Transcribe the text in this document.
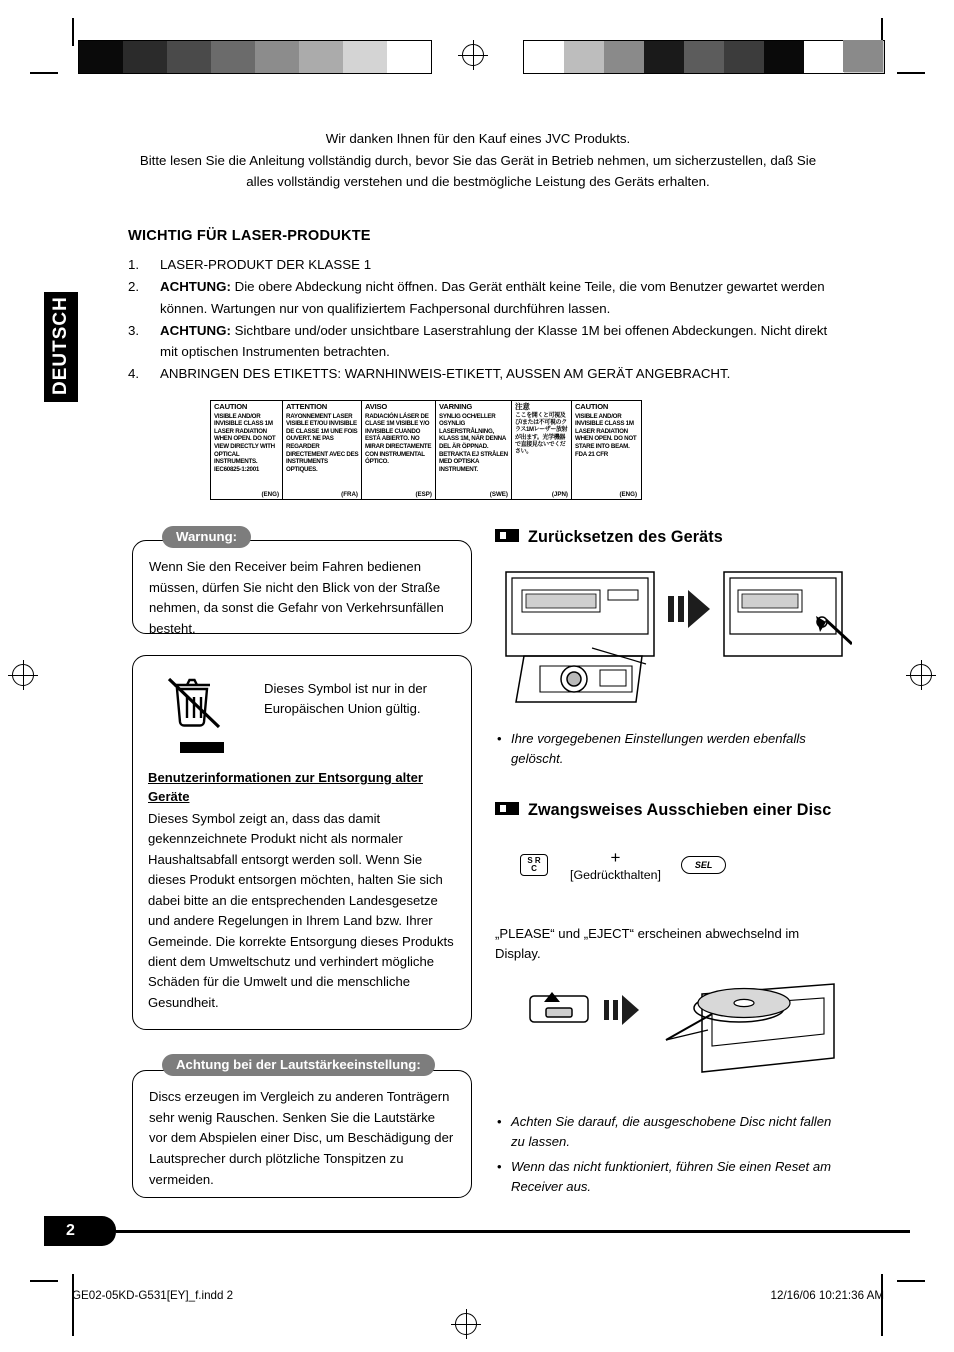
DEUTSCH
Wir danken Ihnen für den Kauf eines JVC Produkts.
Bitte lesen Sie die Anleitung vollständig durch, bevor Sie das Gerät in Betrieb nehmen, um sicherzustellen, daß Sie
alles vollständig verstehen und die bestmögliche Leistung des Geräts erhalten.
WICHTIG FÜR LASER-PRODUKTE
1. LASER-PRODUKT DER KLASSE 1
2. ACHTUNG: Die obere Abdeckung nicht öffnen. Das Gerät enthält keine Teile, die vom Benutzer gewartet werden können. Wartungen nur von qualifiziertem Fachpersonal durchführen lassen.
3. ACHTUNG: Sichtbare und/oder unsichtbare Laserstrahlung der Klasse 1M bei offenen Abdeckungen. Nicht direkt mit optischen Instrumenten betrachten.
4. ANBRINGEN DES ETIKETTS: WARNHINWEIS-ETIKETT, AUSSEN AM GERÄT ANGEBRACHT.
CAUTION
VISIBLE AND/OR INVISIBLE CLASS 1M LASER RADIATION WHEN OPEN. DO NOT VIEW DIRECTLY WITH OPTICAL INSTRUMENTS. IEC60825-1:2001
(ENG)
ATTENTION
RAYONNEMENT LASER VISIBLE ET/OU INVISIBLE DE CLASSE 1M UNE FOIS OUVERT. NE PAS REGARDER DIRECTEMENT AVEC DES INSTRUMENTS OPTIQUES.
(FRA)
AVISO
RADIACIÓN LÁSER DE CLASE 1M VISIBLE Y/O INVISIBLE CUANDO ESTÁ ABIERTO. NO MIRAR DIRECTAMENTE CON INSTRUMENTAL ÓPTICO.
(ESP)
VARNING
SYNLIG OCH/ELLER OSYNLIG LASERSTRÅLNING, KLASS 1M, NÄR DENNA DEL ÄR ÖPPNAD. BETRAKTA EJ STRÅLEN MED OPTISKA INSTRUMENT.
(SWE)
注意
ここを開くと可視及び/または不可視のクラス1Mレーザー放射が出ます。光学機器で直接見ないでください。
(JPN)
CAUTION
VISIBLE AND/OR INVISIBLE CLASS 1M LASER RADIATION WHEN OPEN. DO NOT STARE INTO BEAM. FDA 21 CFR
(ENG)
Warnung:
Wenn Sie den Receiver beim Fahren bedienen müssen, dürfen Sie nicht den Blick von der Straße nehmen, da sonst die Gefahr von Verkehrsunfällen besteht.
Dieses Symbol ist nur in der Europäischen Union gültig.
Benutzerinformationen zur Entsorgung alter Geräte
Dieses Symbol zeigt an, dass das damit gekennzeichnete Produkt nicht als normaler Haushaltsabfall entsorgt werden soll. Wenn Sie dieses Produkt entsorgen möchten, halten Sie sich dabei bitte an die entsprechenden Landesgesetze und andere Regelungen in Ihrem Land bzw. Ihrer Gemeinde. Die korrekte Entsorgung dieses Produkts dient dem Umweltschutz und verhindert mögliche Schäden für die Umwelt und die menschliche Gesundheit.
Achtung bei der Lautstärkeeinstellung:
Discs erzeugen im Vergleich zu anderen Tonträgern sehr wenig Rauschen. Senken Sie die Lautstärke vor dem Abspielen einer Disc, um Beschädigung der Lautsprecher durch plötzliche Tonspitzen zu vermeiden.
Zurücksetzen des Geräts
• Ihre vorgegebenen Einstellungen werden ebenfalls gelöscht.
Zwangsweises Ausschieben einer Disc
S R C
+
[Gedrückthalten]
SEL
„PLEASE“ und „EJECT“ erscheinen abwechselnd im Display.
• Achten Sie darauf, die ausgeschobene Disc nicht fallen zu lassen.
• Wenn das nicht funktioniert, führen Sie einen Reset am Receiver aus.
2
GE02-05KD-G531[EY]_f.indd 2	12/16/06 10:21:36 AM
